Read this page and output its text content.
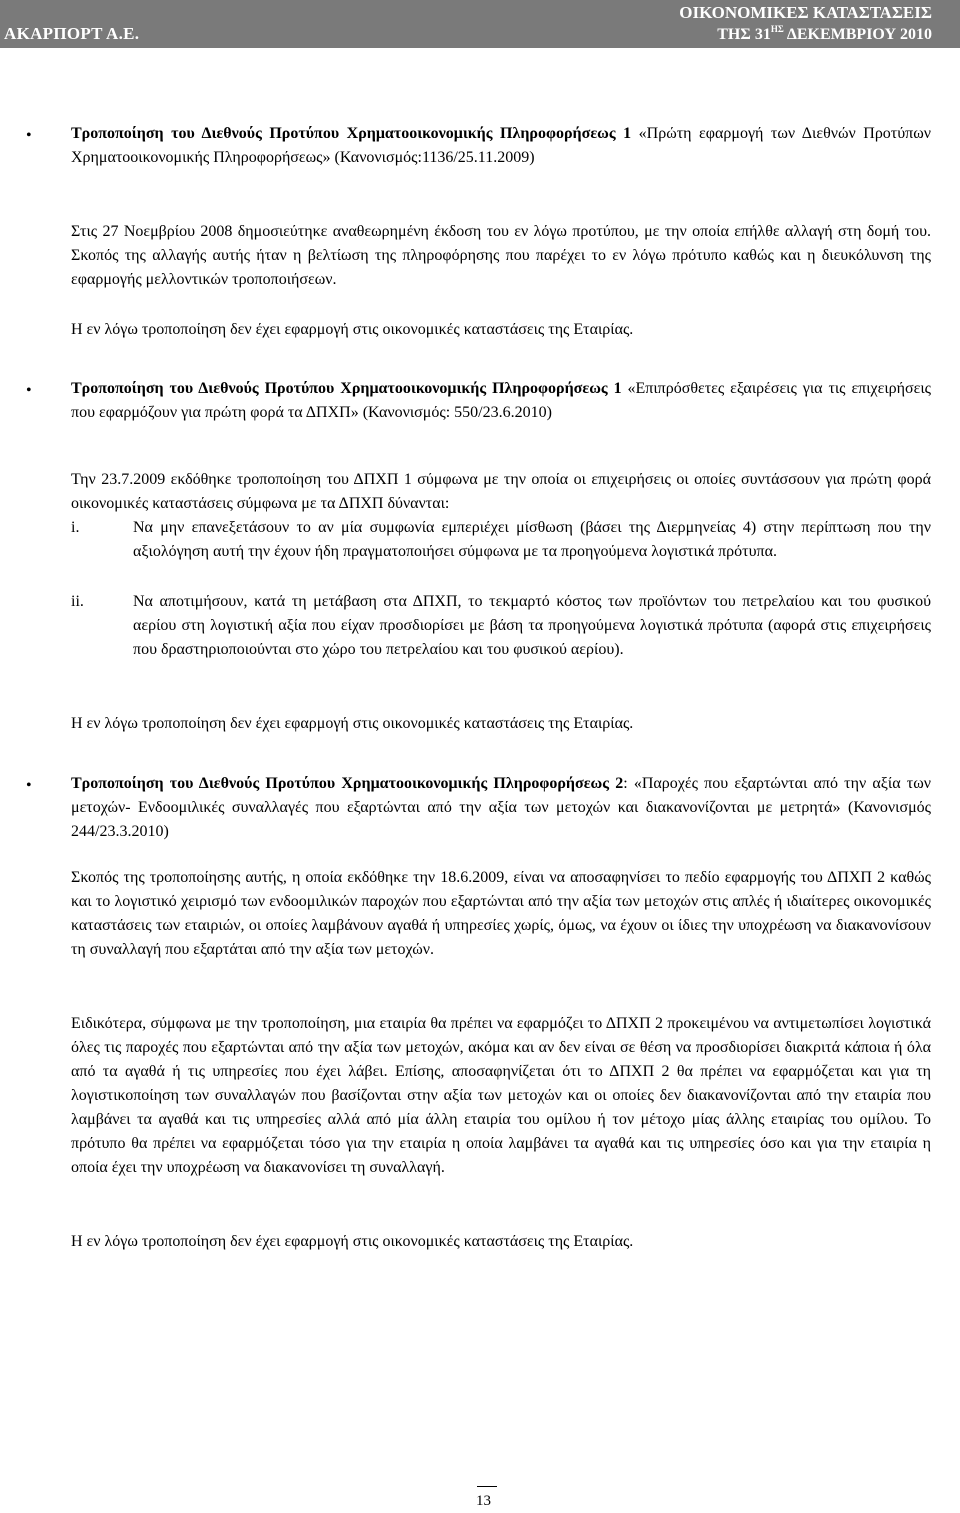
ΑΚΑΡΠΟΡΤ Α.Ε.
ΟΙΚΟΝΟΜΙΚΕΣ ΚΑΤΑΣΤΑΣΕΙΣ
ΤΗΣ $31^{H\Sigma}$ ΔΕΚΕΜΒΡΙΟΥ 2010
• Τροποποίηση του Διεθνούς Προτύπου Χρηματοοικονομικής Πληροφορήσεως 1 «Πρώτη εφαρμογή των Διεθνών Προτύπων Χρηματοοικονομικής Πληροφορήσεως» (Κανονισμός:1136/25.11.2009)
Στις 27 Νοεμβρίου 2008 δημοσιεύτηκε αναθεωρημένη έκδοση του εν λόγω προτύπου, με την οποία επήλθε αλλαγή στη δομή του. Σκοπός της αλλαγής αυτής ήταν η βελτίωση της πληροφόρησης που παρέχει το εν λόγω πρότυπο καθώς και η διευκόλυνση της εφαρμογής μελλοντικών τροποποιήσεων.
Η εν λόγω τροποποίηση δεν έχει εφαρμογή στις οικονομικές καταστάσεις της Εταιρίας.
• Τροποποίηση του Διεθνούς Προτύπου Χρηματοοικονομικής Πληροφορήσεως 1 «Επιπρόσθετες εξαιρέσεις για τις επιχειρήσεις που εφαρμόζουν για πρώτη φορά τα ΔΠΧΠ» (Κανονισμός: 550/23.6.2010)
Την 23.7.2009 εκδόθηκε τροποποίηση του ΔΠΧΠ 1 σύμφωνα με την οποία οι επιχειρήσεις οι οποίες συντάσσουν για πρώτη φορά οικονομικές καταστάσεις σύμφωνα με τα ΔΠΧΠ δύνανται:
i.	Να μην επανεξετάσουν το αν μία συμφωνία εμπεριέχει μίσθωση (βάσει της Διερμηνείας 4) στην περίπτωση που την αξιολόγηση αυτή την έχουν ήδη πραγματοποιήσει σύμφωνα με τα προηγούμενα λογιστικά πρότυπα.
ii.	Να αποτιμήσουν, κατά τη μετάβαση στα ΔΠΧΠ, το τεκμαρτό κόστος των προϊόντων του πετρελαίου και του φυσικού αερίου στη λογιστική αξία που είχαν προσδιορίσει με βάση τα προηγούμενα λογιστικά πρότυπα (αφορά στις επιχειρήσεις που δραστηριοποιούνται στο χώρο του πετρελαίου και του φυσικού αερίου).
Η εν λόγω τροποποίηση δεν έχει εφαρμογή στις οικονομικές καταστάσεις της Εταιρίας.
• Τροποποίηση του Διεθνούς Προτύπου Χρηματοοικονομικής Πληροφορήσεως 2: «Παροχές που εξαρτώνται από την αξία των μετοχών- Ενδοομιλικές συναλλαγές που εξαρτώνται από την αξία των μετοχών και διακανονίζονται με μετρητά» (Κανονισμός 244/23.3.2010)
Σκοπός της τροποποίησης αυτής, η οποία εκδόθηκε την 18.6.2009, είναι να αποσαφηνίσει το πεδίο εφαρμογής του ΔΠΧΠ 2 καθώς και το λογιστικό χειρισμό των ενδοομιλικών παροχών που εξαρτώνται από την αξία των μετοχών στις απλές ή ιδιαίτερες οικονομικές καταστάσεις των εταιριών, οι οποίες λαμβάνουν αγαθά ή υπηρεσίες χωρίς, όμως, να έχουν οι ίδιες την υποχρέωση να διακανονίσουν τη συναλλαγή που εξαρτάται από την αξία των μετοχών.
Ειδικότερα, σύμφωνα με την τροποποίηση, μια εταιρία θα πρέπει να εφαρμόζει το ΔΠΧΠ 2 προκειμένου να αντιμετωπίσει λογιστικά όλες τις παροχές που εξαρτώνται από την αξία των μετοχών, ακόμα και αν δεν είναι σε θέση να προσδιορίσει διακριτά κάποια ή όλα από τα αγαθά ή τις υπηρεσίες που έχει λάβει. Επίσης, αποσαφηνίζεται ότι το ΔΠΧΠ 2 θα πρέπει να εφαρμόζεται και για τη λογιστικοποίηση των συναλλαγών που βασίζονται στην αξία των μετοχών και οι οποίες δεν διακανονίζονται από την εταιρία που λαμβάνει τα αγαθά και τις υπηρεσίες αλλά από μία άλλη εταιρία του ομίλου ή τον μέτοχο μίας άλλης εταιρίας του ομίλου. Το πρότυπο θα πρέπει να εφαρμόζεται τόσο για την εταιρία η οποία λαμβάνει τα αγαθά και τις υπηρεσίες όσο και για την εταιρία η οποία έχει την υποχρέωση να διακανονίσει τη συναλλαγή.
Η εν λόγω τροποποίηση δεν έχει εφαρμογή στις οικονομικές καταστάσεις της Εταιρίας.
13
